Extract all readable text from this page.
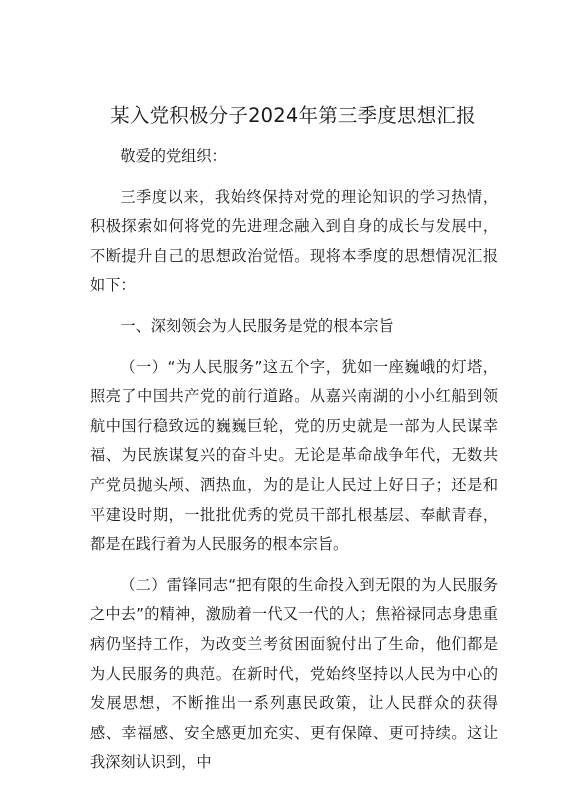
某入党积极分子2024年第三季度思想汇报

敬爱的党组织：

三季度以来，我始终保持对党的理论知识的学习热情，积极探索如何将党的先进理念融入到自身的成长与发展中，不断提升自己的思想政治觉悟。现将本季度的思想情况汇报如下：

一、深刻领会为人民服务是党的根本宗旨

（一）“为人民服务”这五个字，犹如一座巍峨的灯塔，照亮了中国共产党的前行道路。从嘉兴南湖的小小红船到领航中国行稳致远的巍巍巨轮，党的历史就是一部为人民谋幸福、为民族谋复兴的奋斗史。无论是革命战争年代，无数共产党员抛头颅、洒热血，为的是让人民过上好日子；还是和平建设时期，一批批优秀的党员干部扎根基层、奉献青春，都是在践行着为人民服务的根本宗旨。

（二）雷锋同志“把有限的生命投入到无限的为人民服务之中去”的精神，激励着一代又一代的人；焦裕禄同志身患重病仍坚持工作，为改变兰考贫困面貌付出了生命，他们都是为人民服务的典范。在新时代，党始终坚持以人民为中心的发展思想，不断推出一系列惠民政策，让人民群众的获得感、幸福感、安全感更加充实、更有保障、更可持续。这让我深刻认识到，中
